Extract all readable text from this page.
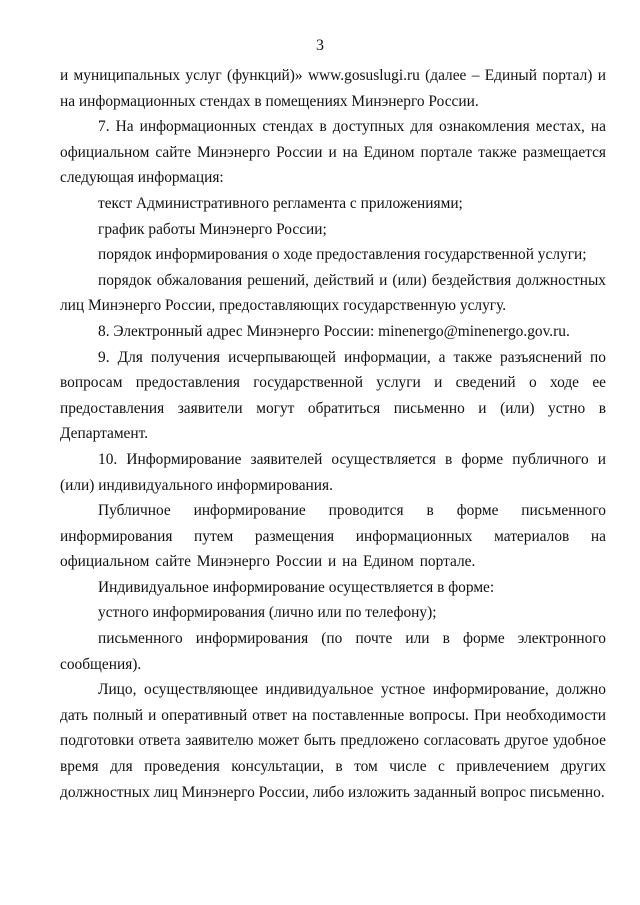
3

и муниципальных услуг (функций)» www.gosuslugi.ru (далее – Единый портал) и на информационных стендах в помещениях Минэнерго России.

7. На информационных стендах в доступных для ознакомления местах, на официальном сайте Минэнерго России и на Едином портале также размещается следующая информация:

текст Административного регламента с приложениями;

график работы Минэнерго России;

порядок информирования о ходе предоставления государственной услуги;

порядок обжалования решений, действий и (или) бездействия должностных лиц Минэнерго России, предоставляющих государственную услугу.

8. Электронный адрес Минэнерго России: minenergo@minenergo.gov.ru.

9. Для получения исчерпывающей информации, а также разъяснений по вопросам предоставления государственной услуги и сведений о ходе ее предоставления заявители могут обратиться письменно и (или) устно в Департамент.

10. Информирование заявителей осуществляется в форме публичного и (или) индивидуального информирования.

Публичное информирование проводится в форме письменного информирования путем размещения информационных материалов на официальном сайте Минэнерго России и на Едином портале.

Индивидуальное информирование осуществляется в форме:

устного информирования (лично или по телефону);

письменного информирования (по почте или в форме электронного сообщения).

Лицо, осуществляющее индивидуальное устное информирование, должно дать полный и оперативный ответ на поставленные вопросы. При необходимости подготовки ответа заявителю может быть предложено согласовать другое удобное время для проведения консультации, в том числе с привлечением других должностных лиц Минэнерго России, либо изложить заданный вопрос письменно.
